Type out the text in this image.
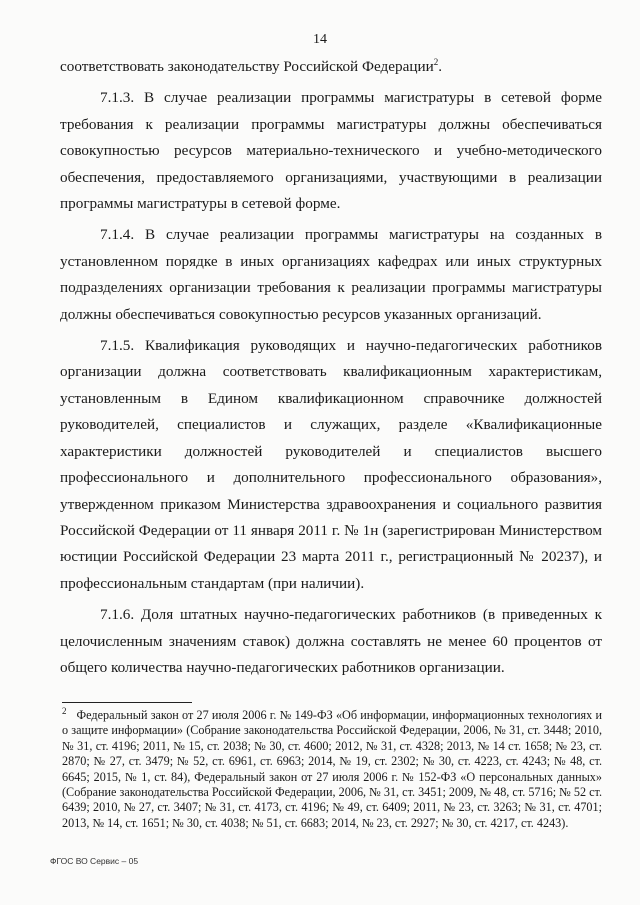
14

соответствовать законодательству Российской Федерации$^2$.

7.1.3. В случае реализации программы магистратуры в сетевой форме требования к реализации программы магистратуры должны обеспечиваться совокупностью ресурсов материально-технического и учебно-методического обеспечения, предоставляемого организациями, участвующими в реализации программы магистратуры в сетевой форме.

7.1.4. В случае реализации программы магистратуры на созданных в установленном порядке в иных организациях кафедрах или иных структурных подразделениях организации требования к реализации программы магистратуры должны обеспечиваться совокупностью ресурсов указанных организаций.

7.1.5. Квалификация руководящих и научно-педагогических работников организации должна соответствовать квалификационным характеристикам, установленным в Едином квалификационном справочнике должностей руководителей, специалистов и служащих, разделе «Квалификационные характеристики должностей руководителей и специалистов высшего профессионального и дополнительного профессионального образования», утвержденном приказом Министерства здравоохранения и социального развития Российской Федерации от 11 января 2011 г. № 1н (зарегистрирован Министерством юстиции Российской Федерации 23 марта 2011 г., регистрационный № 20237), и профессиональным стандартам (при наличии).

7.1.6. Доля штатных научно-педагогических работников (в приведенных к целочисленным значениям ставок) должна составлять не менее 60 процентов от общего количества научно-педагогических работников организации.

$^2$ Федеральный закон от 27 июля 2006 г. № 149-ФЗ «Об информации, информационных технологиях и о защите информации» (Собрание законодательства Российской Федерации, 2006, № 31, ст. 3448; 2010, № 31, ст. 4196; 2011, № 15, ст. 2038; № 30, ст. 4600; 2012, № 31, ст. 4328; 2013, № 14 ст. 1658; № 23, ст. 2870; № 27, ст. 3479; № 52, ст. 6961, ст. 6963; 2014, № 19, ст. 2302; № 30, ст. 4223, ст. 4243; № 48, ст. 6645; 2015, № 1, ст. 84), Федеральный закон от 27 июля 2006 г. № 152-ФЗ «О персональных данных» (Собрание законодательства Российской Федерации, 2006, № 31, ст. 3451; 2009, № 48, ст. 5716; № 52 ст. 6439; 2010, № 27, ст. 3407; № 31, ст. 4173, ст. 4196; № 49, ст. 6409; 2011, № 23, ст. 3263; № 31, ст. 4701; 2013, № 14, ст. 1651; № 30, ст. 4038; № 51, ст. 6683; 2014, № 23, ст. 2927; № 30, ст. 4217, ст. 4243).
ФГОС ВО Сервис – 05
